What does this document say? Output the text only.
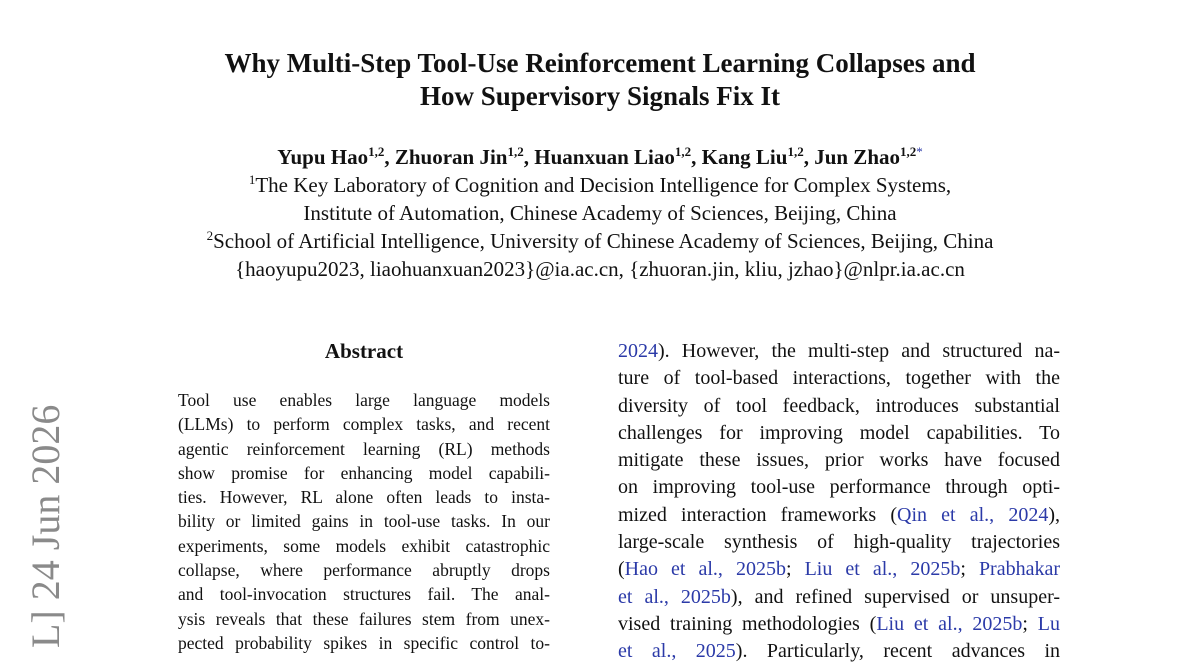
Why Multi-Step Tool-Use Reinforcement Learning Collapses and
How Supervisory Signals Fix It
Yupu Hao$^{1,2}$, Zhuoran Jin$^{1,2}$, Huanxuan Liao$^{1,2}$, Kang Liu$^{1,2}$, Jun Zhao$^{1,2*}$
$^1$The Key Laboratory of Cognition and Decision Intelligence for Complex Systems,
Institute of Automation, Chinese Academy of Sciences, Beijing, China
$^2$School of Artificial Intelligence, University of Chinese Academy of Sciences, Beijing, China
{haoyupu2023, liaohuanxuan2023}@ia.ac.cn, {zhuoran.jin, kliu, jzhao}@nlpr.ia.ac.cn
Abstract
Tool use enables large language models
(LLMs) to perform complex tasks, and recent
agentic reinforcement learning (RL) methods
show promise for enhancing model capabili-
ties. However, RL alone often leads to insta-
bility or limited gains in tool-use tasks. In our
experiments, some models exhibit catastrophic
collapse, where performance abruptly drops
and tool-invocation structures fail. The anal-
ysis reveals that these failures stem from unex-
pected probability spikes in specific control to-
2024). However, the multi-step and structured na-
ture of tool-based interactions, together with the
diversity of tool feedback, introduces substantial
challenges for improving model capabilities. To
mitigate these issues, prior works have focused
on improving tool-use performance through opti-
mized interaction frameworks (Qin et al., 2024),
large-scale synthesis of high-quality trajectories
(Hao et al., 2025b; Liu et al., 2025b; Prabhakar
et al., 2025b), and refined supervised or unsuper-
vised training methodologies (Liu et al., 2025b; Lu
et al., 2025). Particularly, recent advances in
L] 24 Jun 2026
